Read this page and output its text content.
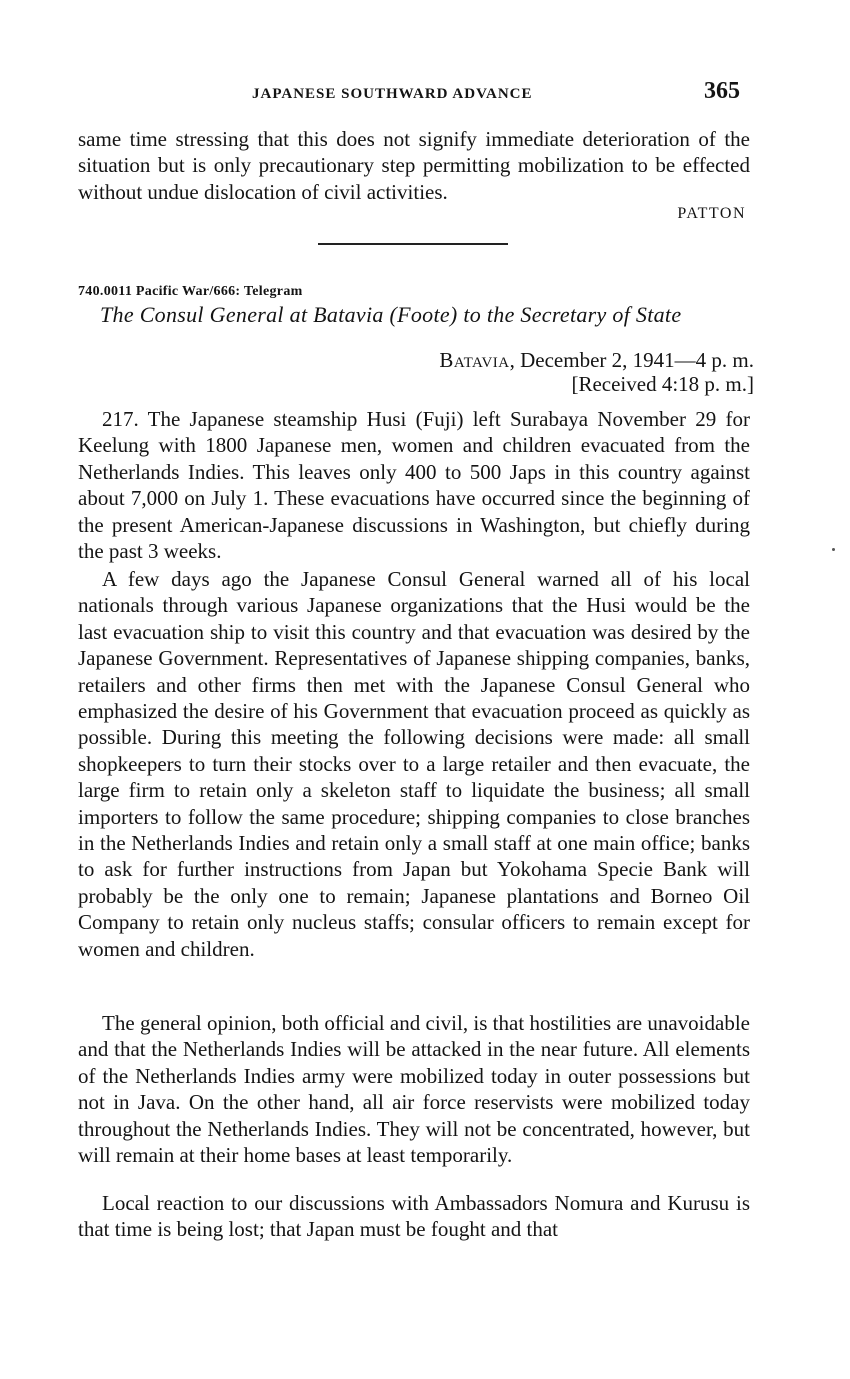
JAPANESE SOUTHWARD ADVANCE	365

same time stressing that this does not signify immediate deterioration of the situation but is only precautionary step permitting mobilization to be effected without undue dislocation of civil activities.

PATTON
740.0011 Pacific War/666: Telegram
The Consul General at Batavia (Foote) to the Secretary of State
Batavia, December 2, 1941—4 p. m.
[Received 4:18 p. m.]

217. The Japanese steamship Husi (Fuji) left Surabaya November 29 for Keelung with 1800 Japanese men, women and children evacuated from the Netherlands Indies. This leaves only 400 to 500 Japs in this country against about 7,000 on July 1. These evacuations have occurred since the beginning of the present American-Japanese discussions in Washington, but chiefly during the past 3 weeks.

A few days ago the Japanese Consul General warned all of his local nationals through various Japanese organizations that the Husi would be the last evacuation ship to visit this country and that evacuation was desired by the Japanese Government. Representatives of Japanese shipping companies, banks, retailers and other firms then met with the Japanese Consul General who emphasized the desire of his Government that evacuation proceed as quickly as possible. During this meeting the following decisions were made: all small shopkeepers to turn their stocks over to a large retailer and then evacuate, the large firm to retain only a skeleton staff to liquidate the business; all small importers to follow the same procedure; shipping companies to close branches in the Netherlands Indies and retain only a small staff at one main office; banks to ask for further instructions from Japan but Yokohama Specie Bank will probably be the only one to remain; Japanese plantations and Borneo Oil Company to retain only nucleus staffs; consular officers to remain except for women and children.

The general opinion, both official and civil, is that hostilities are unavoidable and that the Netherlands Indies will be attacked in the near future. All elements of the Netherlands Indies army were mobilized today in outer possessions but not in Java. On the other hand, all air force reservists were mobilized today throughout the Netherlands Indies. They will not be concentrated, however, but will remain at their home bases at least temporarily.

Local reaction to our discussions with Ambassadors Nomura and Kurusu is that time is being lost; that Japan must be fought and that
